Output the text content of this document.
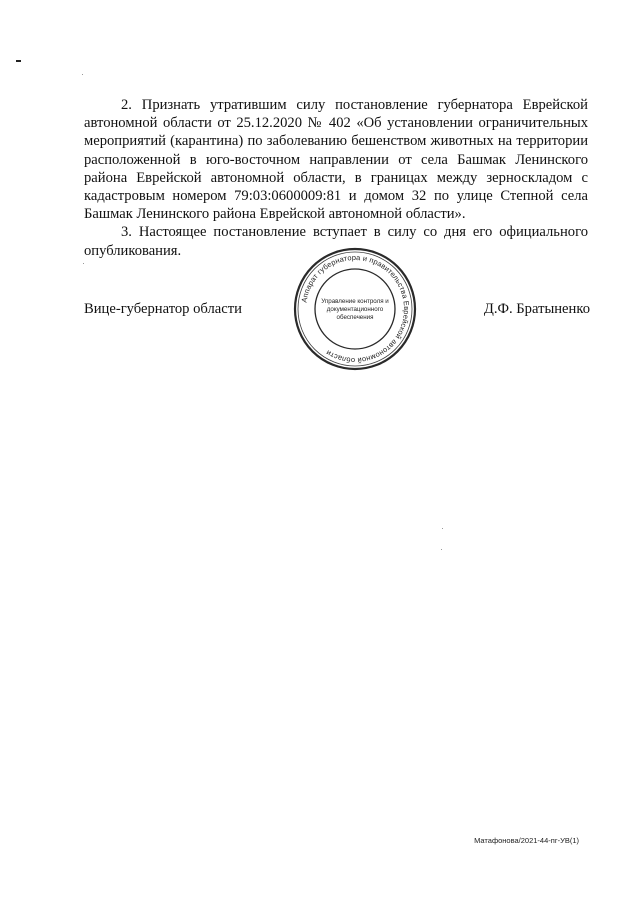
2. Признать утратившим силу постановление губернатора Еврейской автономной области от 25.12.2020 № 402 «Об установлении ограничительных мероприятий (карантина) по заболеванию бешенством животных на территории расположенной в юго-восточном направлении от села Башмак Ленинского района Еврейской автономной области, в границах между зерноскладом с кадастровым номером 79:03:0600009:81 и домом 32 по улице Степной села Башмак Ленинского района Еврейской автономной области».

3. Настоящее постановление вступает в силу со дня его официального опубликования.

Вице-губернатор области	Д.Ф. Братыненко
Аппарат губернатора и правительства Еврейской автономной области
Управление контроля и
документационного
обеспечения
Матафонова/2021-44-пг-УВ(1)
